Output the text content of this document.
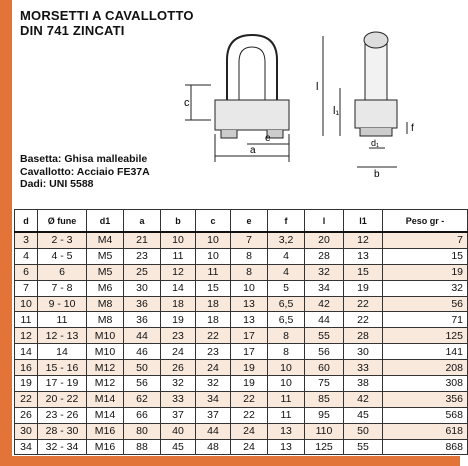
MORSETTI A CAVALLOTTO
DIN 741 ZINCATI
c
e
a
l
l₁
f
d₁
b
Basetta: Ghisa malleabile
Cavallotto: Acciaio FE37A
Dadi: UNI 5588
d	Ø fune	d1	a	b	c	e	f	l	l1	Peso gr -
3	2 - 3	M4	21	10	10	7	3,2	20	12	7
4	4 - 5	M5	23	11	10	8	4	28	13	15
6	6	M5	25	12	11	8	4	32	15	19
7	7 - 8	M6	30	14	15	10	5	34	19	32
10	9 - 10	M8	36	18	18	13	6,5	42	22	56
11	11	M8	36	19	18	13	6,5	44	22	71
12	12 - 13	M10	44	23	22	17	8	55	28	125
14	14	M10	46	24	23	17	8	56	30	141
16	15 - 16	M12	50	26	24	19	10	60	33	208
19	17 - 19	M12	56	32	32	19	10	75	38	308
22	20 - 22	M14	62	33	34	22	11	85	42	356
26	23 - 26	M14	66	37	37	22	11	95	45	568
30	28 - 30	M16	80	40	44	24	13	110	50	618
34	32 - 34	M16	88	45	48	24	13	125	55	868
